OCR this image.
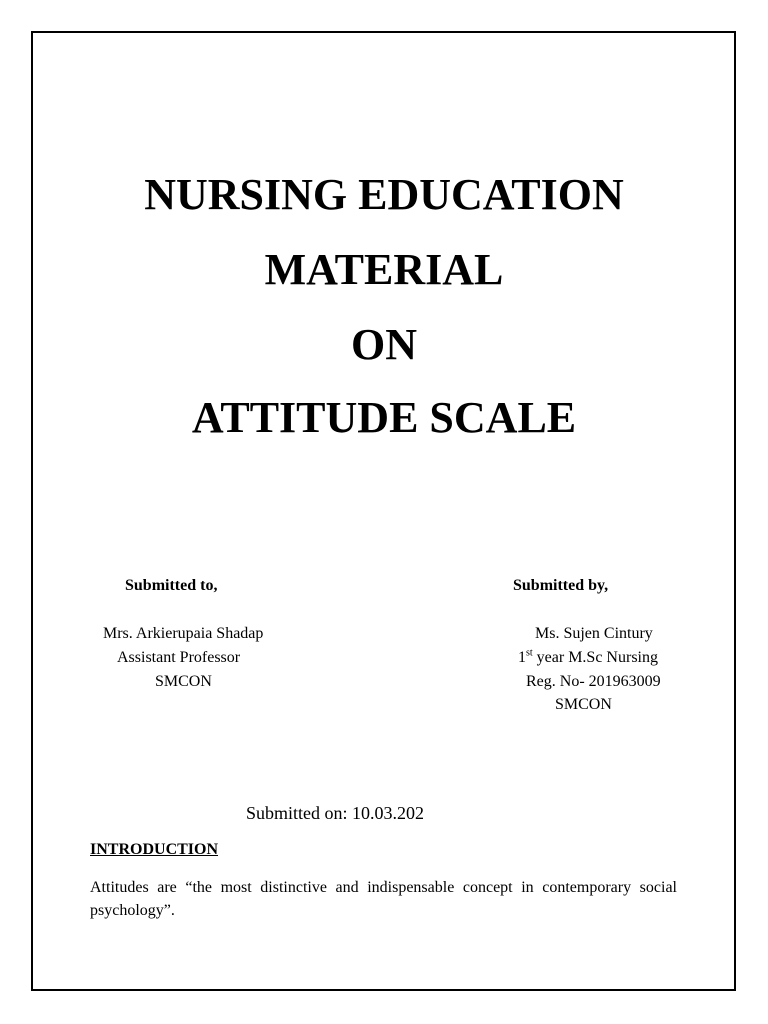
NURSING EDUCATION
MATERIAL
ON
ATTITUDE SCALE
Submitted to,
Mrs. Arkierupaia Shadap
Assistant Professor
SMCON
Submitted by,
Ms. Sujen Cintury
1st year M.Sc Nursing
Reg. No- 201963009
SMCON
Submitted on: 10.03.202
INTRODUCTION
Attitudes are “the most distinctive and indispensable concept in contemporary social psychology”.
